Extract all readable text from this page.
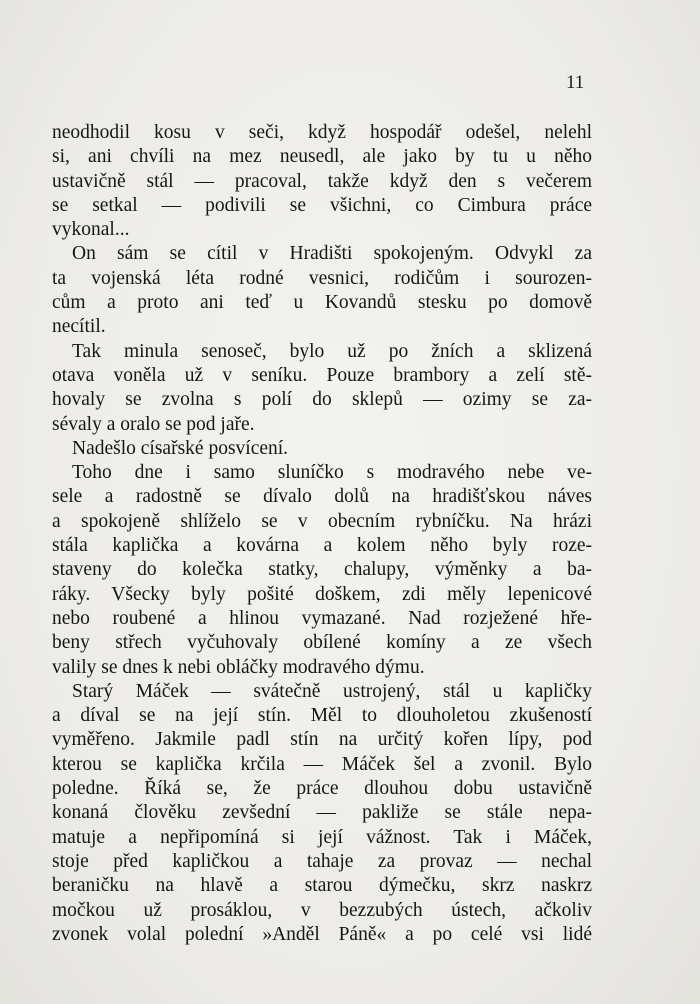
11

neodhodil kosu v seči, když hospodář odešel, nelehl

si, ani chvíli na mez neusedl, ale jako by tu u něho

ustavičně stál — pracoval, takže když den s večerem

se setkal — podivili se všichni, co Cimbura práce

vykonal...

On sám se cítil v Hradišti spokojeným. Odvykl za

ta vojenská léta rodné vesnici, rodičům i sourozen-

cům a proto ani teď u Kovandů stesku po domově

necítil.

Tak minula senoseč, bylo už po žních a sklizená

otava voněla už v seníku. Pouze brambory a zelí stě-

hovaly se zvolna s polí do sklepů — ozimy se za-

sévaly a oralo se pod jaře.

Nadešlo císařské posvícení.

Toho dne i samo sluníčko s modravého nebe ve-

sele a radostně se dívalo dolů na hradišťskou náves

a spokojeně shlíželo se v obecním rybníčku. Na hrázi

stála kaplička a kovárna a kolem něho byly roze-

staveny do kolečka statky, chalupy, výměnky a ba-

ráky. Všecky byly pošité doškem, zdi měly lepenicové

nebo roubené a hlinou vymazané. Nad rozježené hře-

beny střech vyčuhovaly obílené komíny a ze všech

valily se dnes k nebi obláčky modravého dýmu.

Starý Máček — svátečně ustrojený, stál u kapličky

a díval se na její stín. Měl to dlouholetou zkušeností

vyměřeno. Jakmile padl stín na určitý kořen lípy, pod

kterou se kaplička krčila — Máček šel a zvonil. Bylo

poledne. Říká se, že práce dlouhou dobu ustavičně

konaná člověku zevšední — pakliže se stále nepa-

matuje a nepřipomíná si její vážnost. Tak i Máček,

stoje před kapličkou a tahaje za provaz — nechal

beraničku na hlavě a starou dýmečku, skrz naskrz

močkou už prosáklou, v bezzubých ústech, ačkoliv

zvonek volal polední »Anděl Páně« a po celé vsi lidé
